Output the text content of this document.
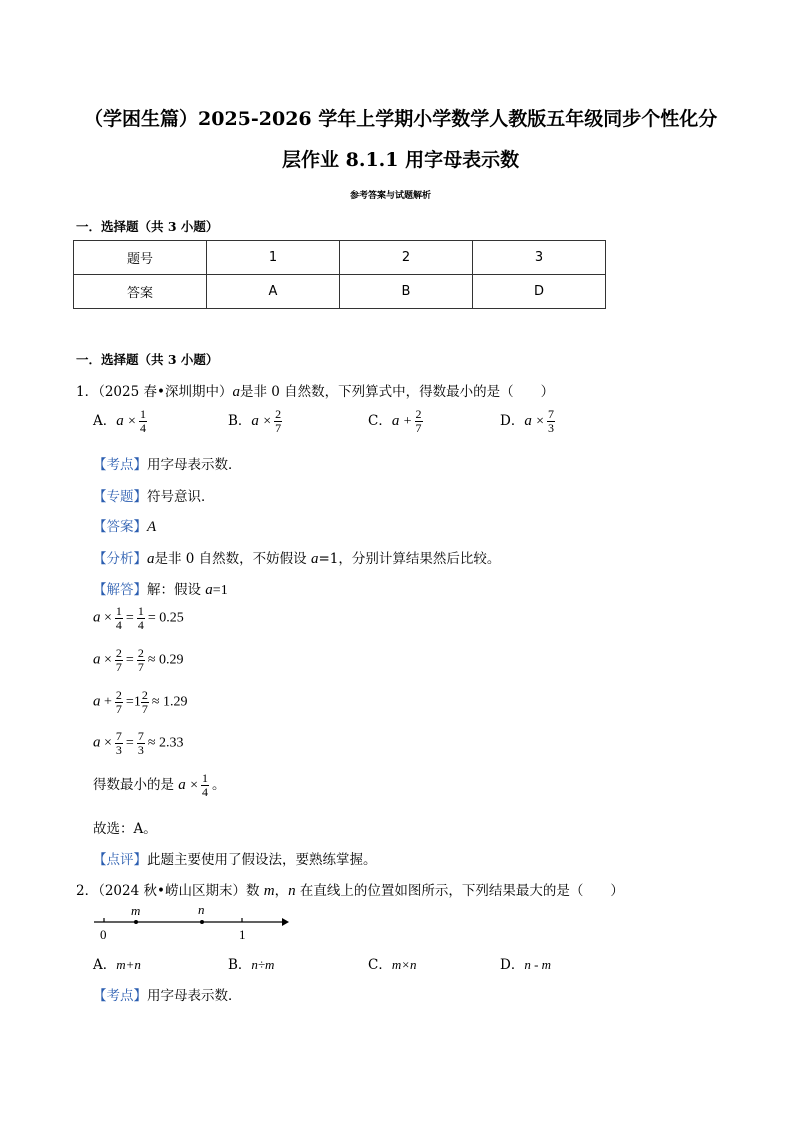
（学困生篇）2025-2026 学年上学期小学数学人教版五年级同步个性化分
层作业 8.1.1 用字母表示数
参考答案与试题解析
一．选择题（共 3 小题）
题号	1	2	3
答案	A	B	D
一．选择题（共 3 小题）
1．（2025 春•深圳期中）a是非 0 自然数，下列算式中，得数最小的是（　　）
A．$a \times \frac{1}{4}$	B．$a \times \frac{2}{7}$	C．$a + \frac{2}{7}$	D．$a \times \frac{7}{3}$
【考点】用字母表示数．
【专题】符号意识．
【答案】A
【分析】a是非 0 自然数，不妨假设 a=1，分别计算结果然后比较。
【解答】解：假设 a=1
$a \times \frac{1}{4} = \frac{1}{4} = 0.25$
$a \times \frac{2}{7} = \frac{2}{7} \approx 0.29$
$a + \frac{2}{7} =1 \frac{2}{7} \approx 1.29$
$a \times \frac{7}{3} = \frac{7}{3} \approx 2.33$
得数最小的是 $a \times \frac{1}{4}$ 。
故选：A。
【点评】此题主要使用了假设法，要熟练掌握。
2．（2024 秋•崂山区期末）数 m，n 在直线上的位置如图所示，下列结果最大的是（　　）
m	n
0	1
A．m+n	B．n÷m	C．m×n	D．n - m
【考点】用字母表示数．
